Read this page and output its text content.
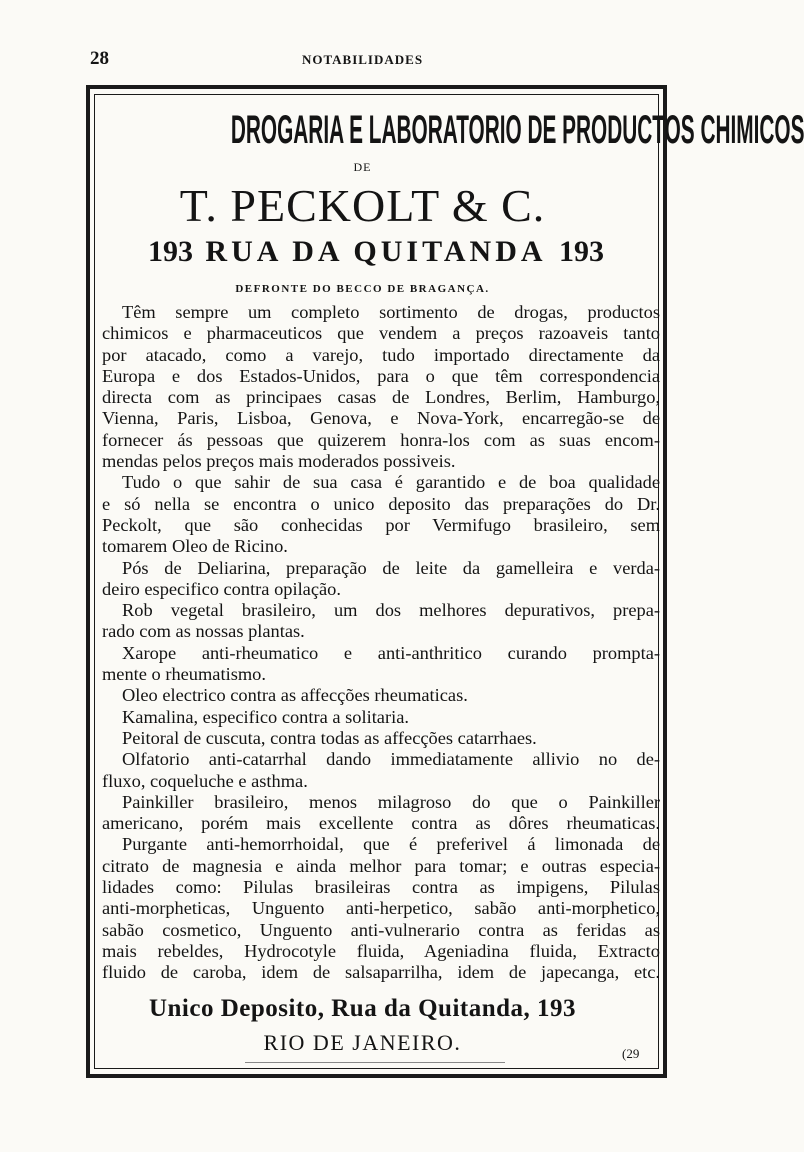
28	NOTABILIDADES
DROGARIA E LABORATORIO DE PRODUCTOS CHIMICOS
DE
T. PECKOLT & C.
193 RUA DA QUITANDA 193
DEFRONTE DO BECCO DE BRAGANÇA.
Têm sempre um completo sortimento de drogas, productos
chimicos e pharmaceuticos que vendem a preços razoaveis tanto
por atacado, como a varejo, tudo importado directamente da
Europa e dos Estados-Unidos, para o que têm correspondencia
directa com as principaes casas de Londres, Berlim, Hamburgo,
Vienna, Paris, Lisboa, Genova, e Nova-York, encarregão-se de
fornecer ás pessoas que quizerem honra-los com as suas encom-
mendas pelos preços mais moderados possiveis.
Tudo o que sahir de sua casa é garantido e de boa qualidade
e só nella se encontra o unico deposito das preparações do Dr.
Peckolt, que são conhecidas por Vermifugo brasileiro, sem
tomarem Oleo de Ricino.
Pós de Deliarina, preparação de leite da gamelleira e verda-
deiro especifico contra opilação.
Rob vegetal brasileiro, um dos melhores depurativos, prepa-
rado com as nossas plantas.
Xarope anti-rheumatico e anti-anthritico curando prompta-
mente o rheumatismo.
Oleo electrico contra as affecções rheumaticas.
Kamalina, especifico contra a solitaria.
Peitoral de cuscuta, contra todas as affecções catarrhaes.
Olfatorio anti-catarrhal dando immediatamente allivio no de-
fluxo, coqueluche e asthma.
Painkiller brasileiro, menos milagroso do que o Painkiller
americano, porém mais excellente contra as dôres rheumaticas.
Purgante anti-hemorrhoidal, que é preferivel á limonada de
citrato de magnesia e ainda melhor para tomar; e outras especia-
lidades como: Pilulas brasileiras contra as impigens, Pilulas
anti-morpheticas, Unguento anti-herpetico, sabão anti-morphetico,
sabão cosmetico, Unguento anti-vulnerario contra as feridas as
mais rebeldes, Hydrocotyle fluida, Ageniadina fluida, Extracto
fluido de caroba, idem de salsaparrilha, idem de japecanga, etc.
Unico Deposito, Rua da Quitanda, 193
RIO DE JANEIRO.	(29
